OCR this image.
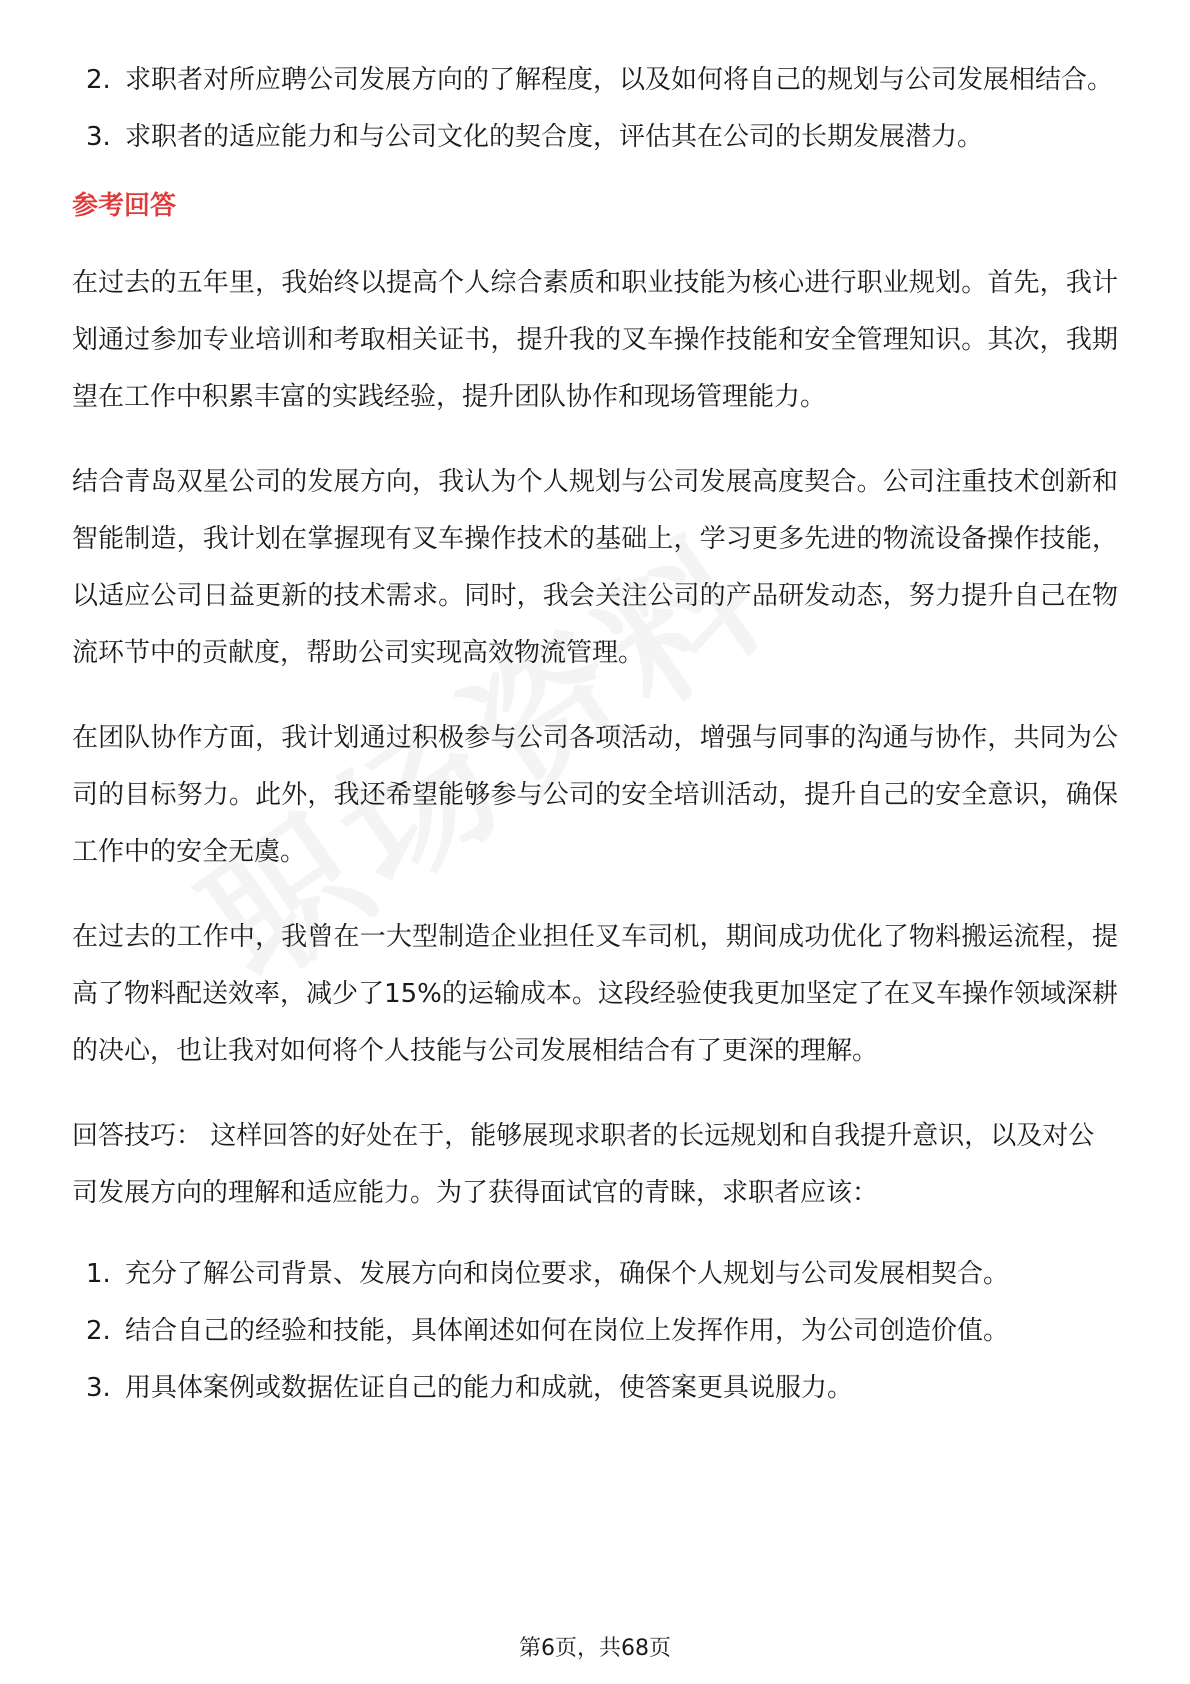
2. 求职者对所应聘公司发展方向的了解程度，以及如何将自己的规划与公司发展相结合。
3. 求职者的适应能力和与公司文化的契合度，评估其在公司的长期发展潜力。
参考回答

在过去的五年里，我始终以提高个人综合素质和职业技能为核心进行职业规划。首先，我计划通过参加专业培训和考取相关证书，提升我的叉车操作技能和安全管理知识。其次，我期望在工作中积累丰富的实践经验，提升团队协作和现场管理能力。

结合青岛双星公司的发展方向，我认为个人规划与公司发展高度契合。公司注重技术创新和智能制造，我计划在掌握现有叉车操作技术的基础上，学习更多先进的物流设备操作技能，以适应公司日益更新的技术需求。同时，我会关注公司的产品研发动态，努力提升自己在物流环节中的贡献度，帮助公司实现高效物流管理。

在团队协作方面，我计划通过积极参与公司各项活动，增强与同事的沟通与协作，共同为公司的目标努力。此外，我还希望能够参与公司的安全培训活动，提升自己的安全意识，确保工作中的安全无虞。

在过去的工作中，我曾在一大型制造企业担任叉车司机，期间成功优化了物料搬运流程，提高了物料配送效率，减少了15%的运输成本。这段经验使我更加坚定了在叉车操作领域深耕的决心，也让我对如何将个人技能与公司发展相结合有了更深的理解。

回答技巧： 这样回答的好处在于，能够展现求职者的长远规划和自我提升意识，以及对公司发展方向的理解和适应能力。为了获得面试官的青睐，求职者应该：

1. 充分了解公司背景、发展方向和岗位要求，确保个人规划与公司发展相契合。
2. 结合自己的经验和技能，具体阐述如何在岗位上发挥作用，为公司创造价值。
3. 用具体案例或数据佐证自己的能力和成就，使答案更具说服力。
第6页，共68页
